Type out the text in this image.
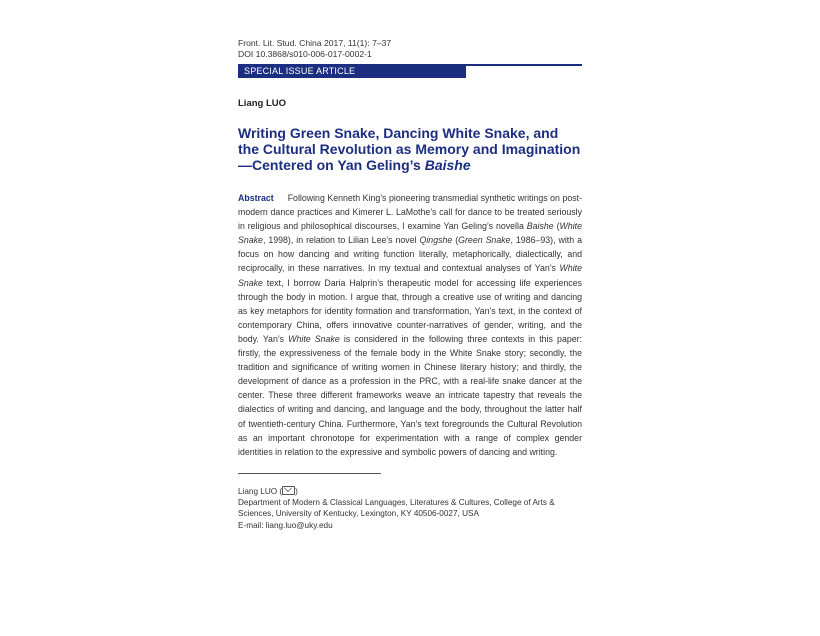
Front. Lit. Stud. China 2017, 11(1): 7–37
DOI 10.3868/s010-006-017-0002-1
SPECIAL ISSUE ARTICLE
Liang LUO
Writing Green Snake, Dancing White Snake, and the Cultural Revolution as Memory and Imagination—Centered on Yan Geling’s Baishe
Abstract Following Kenneth King’s pioneering transmedial synthetic writings on post-modern dance practices and Kimerer L. LaMothe’s call for dance to be treated seriously in religious and philosophical discourses, I examine Yan Geling’s novella Baishe (White Snake, 1998), in relation to Lilian Lee’s novel Qingshe (Green Snake, 1986–93), with a focus on how dancing and writing function literally, metaphorically, dialectically, and reciprocally, in these narratives. In my textual and contextual analyses of Yan’s White Snake text, I borrow Daria Halprin’s therapeutic model for accessing life experiences through the body in motion. I argue that, through a creative use of writing and dancing as key metaphors for identity formation and transformation, Yan’s text, in the context of contemporary China, offers innovative counter-narratives of gender, writing, and the body. Yan’s White Snake is considered in the following three contexts in this paper: firstly, the expressiveness of the female body in the White Snake story; secondly, the tradition and significance of writing women in Chinese literary history; and thirdly, the development of dance as a profession in the PRC, with a real-life snake dancer at the center. These three different frameworks weave an intricate tapestry that reveals the dialectics of writing and dancing, and language and the body, throughout the latter half of twentieth-century China. Furthermore, Yan’s text foregrounds the Cultural Revolution as an important chronotope for experimentation with a range of complex gender identities in relation to the expressive and symbolic powers of dancing and writing.
Liang LUO ( )
Department of Modern & Classical Languages, Literatures & Cultures, College of Arts & Sciences, University of Kentucky, Lexington, KY 40506-0027, USA
E-mail: liang.luo@uky.edu
